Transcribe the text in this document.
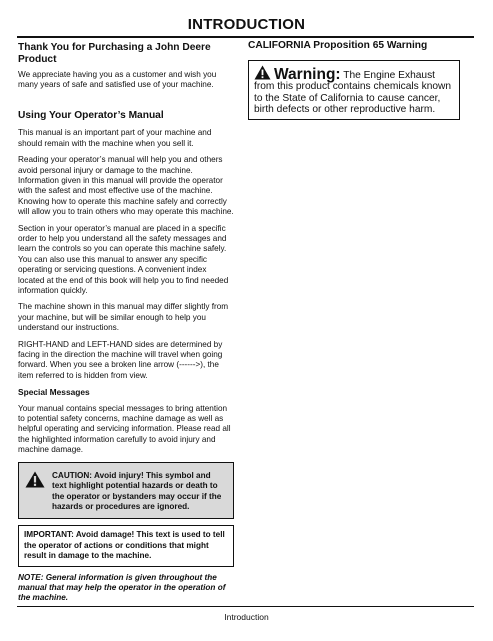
INTRODUCTION
Thank You for Purchasing a John Deere Product

We appreciate having you as a customer and wish you many years of safe and satisfied use of your machine.

Using Your Operator’s Manual

This manual is an important part of your machine and should remain with the machine when you sell it.

Reading your operator’s manual will help you and others avoid personal injury or damage to the machine. Information given in this manual will provide the operator with the safest and most effective use of the machine. Knowing how to operate this machine safely and correctly will allow you to train others who may operate this machine.

Section in your operator’s manual are placed in a specific order to help you understand all the safety messages and learn the controls so you can operate this machine safely. You can also use this manual to answer any specific operating or servicing questions. A convenient index located at the end of this book will help you to find needed information quickly.

The machine shown in this manual may differ slightly from your machine, but will be similar enough to help you understand our instructions.

RIGHT-HAND and LEFT-HAND sides are determined by facing in the direction the machine will travel when going forward. When you see a broken line arrow (------>), the item referred to is hidden from view.

Special Messages

Your manual contains special messages to bring attention to potential safety concerns, machine damage as well as helpful operating and servicing information. Please read all the highlighted information carefully to avoid injury and machine damage.

CAUTION: Avoid injury! This symbol and text highlight potential hazards or death to the operator or bystanders may occur if the hazards or procedures are ignored.
IMPORTANT: Avoid damage! This text is used to tell the operator of actions or conditions that might result in damage to the machine.
NOTE: General information is given throughout the manual that may help the operator in the operation of the machine.
CALIFORNIA Proposition 65 Warning
Warning: The Engine Exhaust from this product contains chemicals known to the State of California to cause cancer, birth defects or other reproductive harm.
Introduction
